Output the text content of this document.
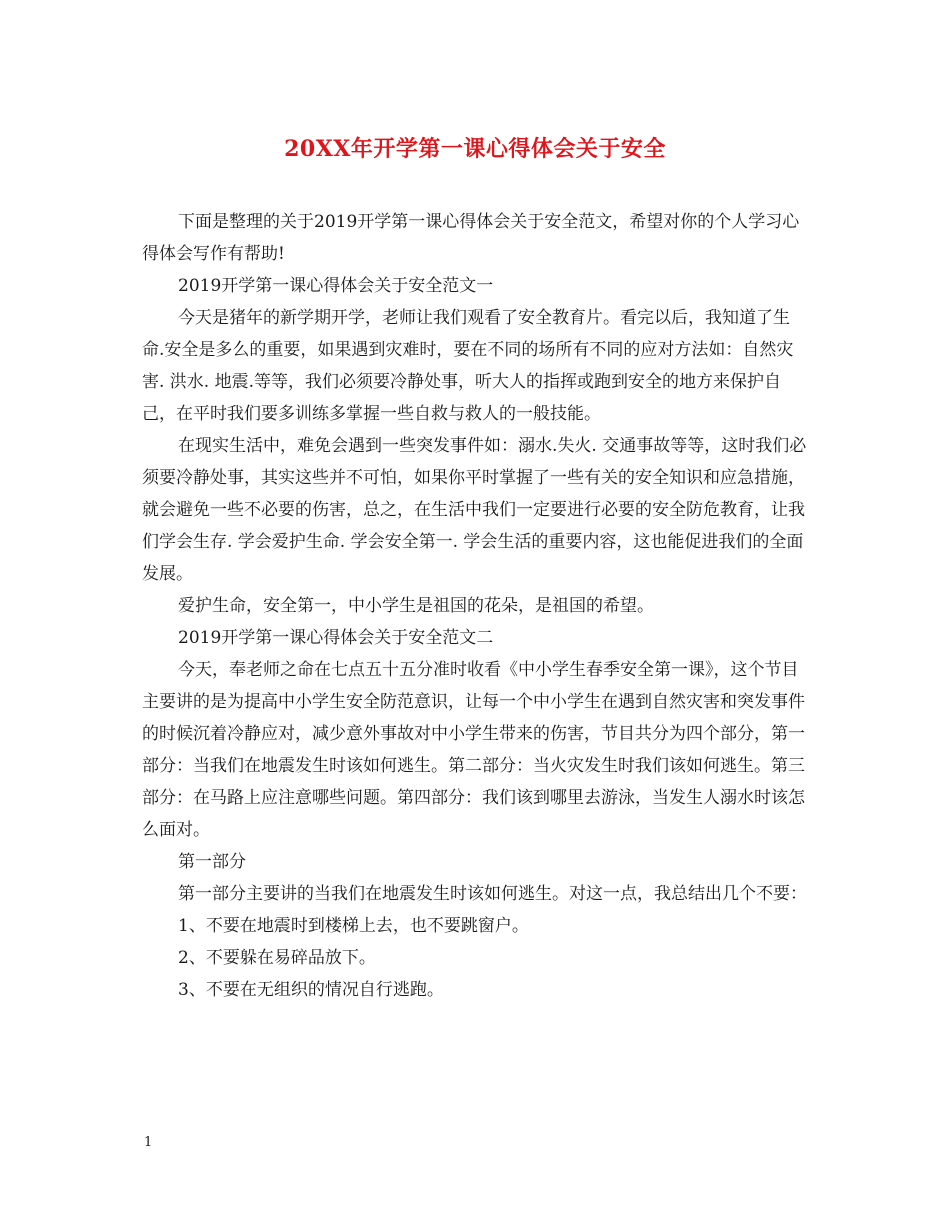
20XX年开学第一课心得体会关于安全

下面是整理的关于2019开学第一课心得体会关于安全范文，希望对你的个人学习心得体会写作有帮助!

2019开学第一课心得体会关于安全范文一

今天是猪年的新学期开学，老师让我们观看了安全教育片。看完以后，我知道了生命.安全是多么的重要，如果遇到灾难时，要在不同的场所有不同的应对方法如：自然灾害. 洪水. 地震.等等，我们必须要冷静处事，听大人的指挥或跑到安全的地方来保护自己，在平时我们要多训练多掌握一些自救与救人的一般技能。

在现实生活中，难免会遇到一些突发事件如：溺水.失火. 交通事故等等，这时我们必须要冷静处事，其实这些并不可怕，如果你平时掌握了一些有关的安全知识和应急措施，就会避免一些不必要的伤害，总之，在生活中我们一定要进行必要的安全防危教育，让我们学会生存. 学会爱护生命. 学会安全第一. 学会生活的重要内容，这也能促进我们的全面发展。

爱护生命，安全第一，中小学生是祖国的花朵，是祖国的希望。

2019开学第一课心得体会关于安全范文二

今天，奉老师之命在七点五十五分准时收看《中小学生春季安全第一课》，这个节目主要讲的是为提高中小学生安全防范意识，让每一个中小学生在遇到自然灾害和突发事件的时候沉着冷静应对，减少意外事故对中小学生带来的伤害，节目共分为四个部分，第一部分：当我们在地震发生时该如何逃生。第二部分：当火灾发生时我们该如何逃生。第三部分：在马路上应注意哪些问题。第四部分：我们该到哪里去游泳，当发生人溺水时该怎么面对。

第一部分

第一部分主要讲的当我们在地震发生时该如何逃生。对这一点，我总结出几个不要：

1、不要在地震时到楼梯上去，也不要跳窗户。

2、不要躲在易碎品放下。

3、不要在无组织的情况自行逃跑。

1
